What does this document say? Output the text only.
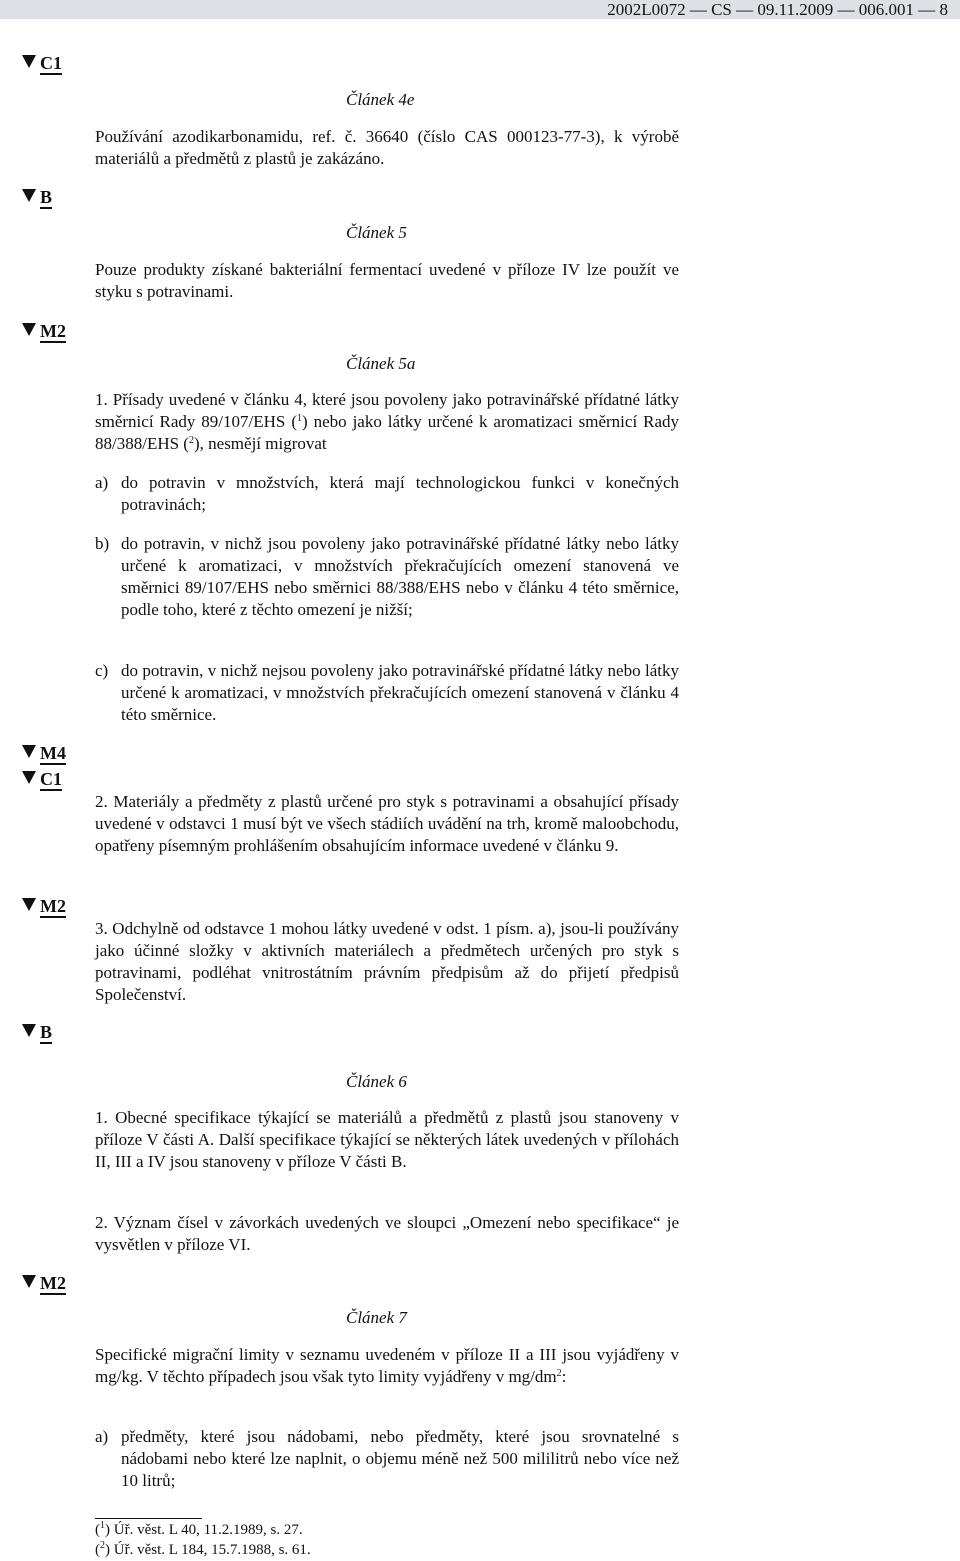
2002L0072 — CS — 09.11.2009 — 006.001 — 8
C1
B
M2
M4
C1
M2
B
M2
Článek 4e
Používání azodikarbonamidu, ref. č. 36640 (číslo CAS 000123-77-3), k výrobě materiálů a předmětů z plastů je zakázáno.
Článek 5
Pouze produkty získané bakteriální fermentací uvedené v příloze IV lze použít ve styku s potravinami.
Článek 5a
1. Přísady uvedené v článku 4, které jsou povoleny jako potravinářské přídatné látky směrnicí Rady 89/107/EHS ($^1$) nebo jako látky určené k aromatizaci směrnicí Rady 88/388/EHS ($^2$), nesmějí migrovat
a) do potravin v množstvích, která mají technologickou funkci v konečných potravinách;
b) do potravin, v nichž jsou povoleny jako potravinářské přídatné látky nebo látky určené k aromatizaci, v množstvích překračujících omezení stanovená ve směrnici 89/107/EHS nebo směrnici 88/388/EHS nebo v článku 4 této směrnice, podle toho, které z těchto omezení je nižší;
c) do potravin, v nichž nejsou povoleny jako potravinářské přídatné látky nebo látky určené k aromatizaci, v množstvích překračujících omezení stanovená v článku 4 této směrnice.
2. Materiály a předměty z plastů určené pro styk s potravinami a obsahující přísady uvedené v odstavci 1 musí být ve všech stádiích uvádění na trh, kromě maloobchodu, opatřeny písemným prohlášením obsahujícím informace uvedené v článku 9.
3. Odchylně od odstavce 1 mohou látky uvedené v odst. 1 písm. a), jsou-li používány jako účinné složky v aktivních materiálech a předmětech určených pro styk s potravinami, podléhat vnitrostátním právním předpisům až do přijetí předpisů Společenství.
Článek 6
1. Obecné specifikace týkající se materiálů a předmětů z plastů jsou stanoveny v příloze V části A. Další specifikace týkající se některých látek uvedených v přílohách II, III a IV jsou stanoveny v příloze V části B.
2. Význam čísel v závorkách uvedených ve sloupci „Omezení nebo specifikace“ je vysvětlen v příloze VI.
Článek 7
Specifické migrační limity v seznamu uvedeném v příloze II a III jsou vyjádřeny v mg/kg. V těchto případech jsou však tyto limity vyjádřeny v $mg/dm^2$:
a) předměty, které jsou nádobami, nebo předměty, které jsou srovnatelné s nádobami nebo které lze naplnit, o objemu méně než 500 mililitrů nebo více než 10 litrů;
($^1$) Úř. věst. L 40, 11.2.1989, s. 27.
($^2$) Úř. věst. L 184, 15.7.1988, s. 61.
